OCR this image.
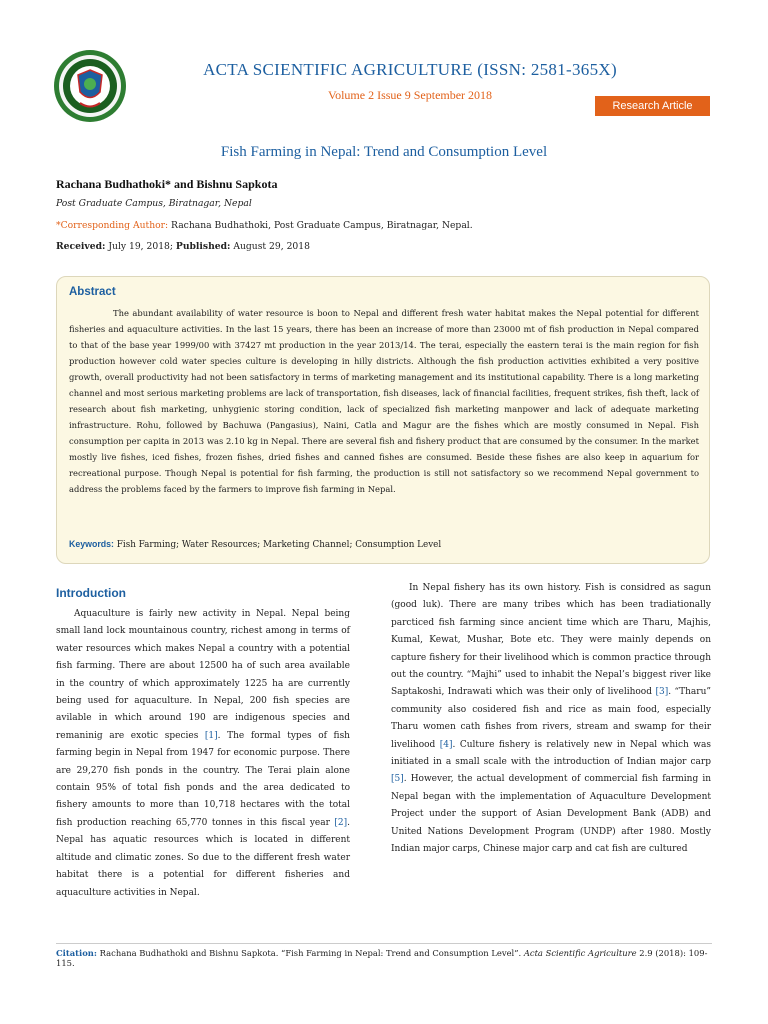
ACTA SCIENTIFIC AGRICULTURE (ISSN: 2581-365X)
Volume 2 Issue 9 September 2018
Research Article
Fish Farming in Nepal: Trend and Consumption Level
Rachana Budhathoki* and Bishnu Sapkota
Post Graduate Campus, Biratnagar, Nepal
*Corresponding Author: Rachana Budhathoki, Post Graduate Campus, Biratnagar, Nepal.
Received: July 19, 2018; Published: August 29, 2018
Abstract
The abundant availability of water resource is boon to Nepal and different fresh water habitat makes the Nepal potential for different fisheries and aquaculture activities. In the last 15 years, there has been an increase of more than 23000 mt of fish production in Nepal compared to that of the base year 1999/00 with 37427 mt production in the year 2013/14. The terai, especially the eastern terai is the main region for fish production however cold water species culture is developing in hilly districts. Although the fish production activities exhibited a very positive growth, overall productivity had not been satisfactory in terms of marketing management and its institutional capability. There is a long marketing channel and most serious marketing problems are lack of transportation, fish diseases, lack of financial facilities, frequent strikes, fish theft, lack of research about fish marketing, unhygienic storing condition, lack of specialized fish marketing manpower and lack of adequate marketing infrastructure. Rohu, followed by Bachuwa (Pangasius), Naini, Catla and Magur are the fishes which are mostly consumed in Nepal. Fish consumption per capita in 2013 was 2.10 kg in Nepal. There are several fish and fishery product that are consumed by the consumer. In the market mostly live fishes, iced fishes, frozen fishes, dried fishes and canned fishes are consumed. Beside these fishes are also keep in aquarium for recreational purpose. Though Nepal is potential for fish farming, the production is still not satisfactory so we recommend Nepal government to address the problems faced by the farmers to improve fish farming in Nepal.
Keywords: Fish Farming; Water Resources; Marketing Channel; Consumption Level
Introduction
Aquaculture is fairly new activity in Nepal. Nepal being small land lock mountainous country, richest among in terms of water resources which makes Nepal a country with a potential fish farming. There are about 12500 ha of such area available in the country of which approximately 1225 ha are currently being used for aquaculture. In Nepal, 200 fish species are avilable in which around 190 are indigenous species and remaninig are exotic species [1]. The formal types of fish farming begin in Nepal from 1947 for economic purpose. There are 29,270 fish ponds in the country. The Terai plain alone contain 95% of total fish ponds and the area dedicated to fishery amounts to more than 10,718 hectares with the total fish production reaching 65,770 tonnes in this fiscal year [2]. Nepal has aquatic resources which is located in different altitude and climatic zones. So due to the different fresh water habitat there is a potential for different fisheries and aquaculture activities in Nepal.
In Nepal fishery has its own history. Fish is considred as sagun (good luk). There are many tribes which has been tradiationally parcticed fish farming since ancient time which are Tharu, Majhis, Kumal, Kewat, Mushar, Bote etc. They were mainly depends on capture fishery for their livelihood which is common practice through out the country. “Majhi” used to inhabit the Nepal’s biggest river like Saptakoshi, Indrawati which was their only of livelihood [3]. “Tharu” community also cosidered fish and rice as main food, especially Tharu women cath fishes from rivers, stream and swamp for their livelihood [4]. Culture fishery is relatively new in Nepal which was initiated in a small scale with the introduction of Indian major carp [5]. However, the actual development of commercial fish farming in Nepal began with the implementation of Aquaculture Development Project under the support of Asian Development Bank (ADB) and United Nations Development Program (UNDP) after 1980. Mostly Indian major carps, Chinese major carp and cat fish are cultured
Citation: Rachana Budhathoki and Bishnu Sapkota. “Fish Farming in Nepal: Trend and Consumption Level”. Acta Scientific Agriculture 2.9 (2018): 109-115.
